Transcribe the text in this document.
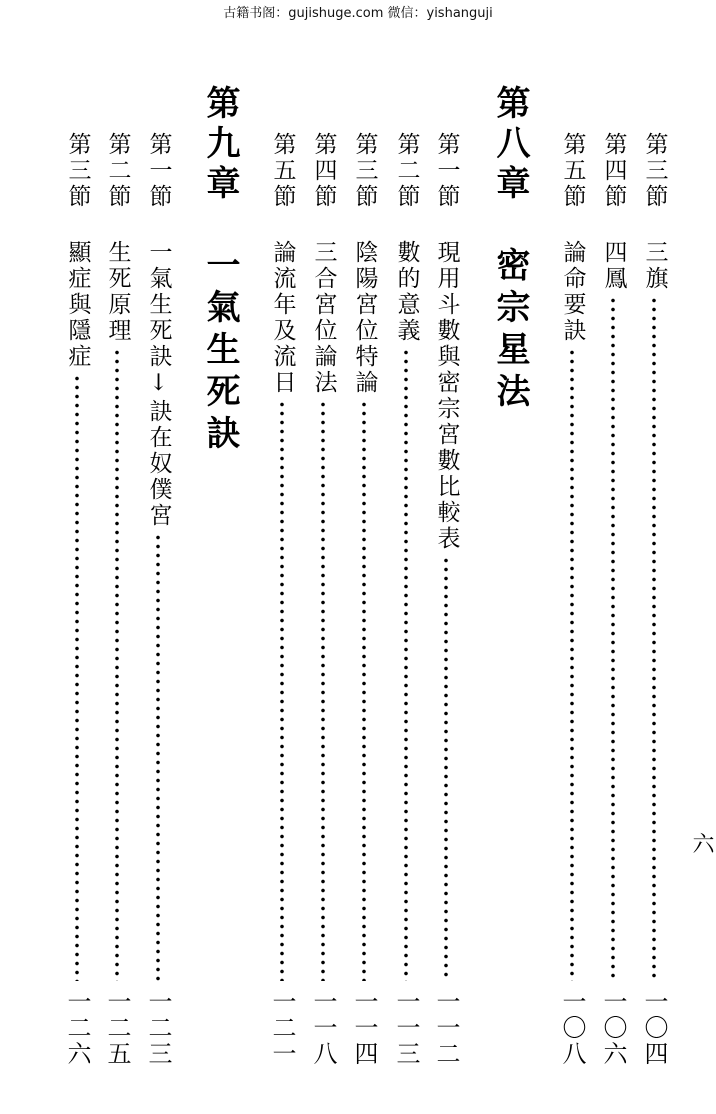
古籍书阁：gujishuge.com 微信：yishanguji
六
第三節
三旗
一〇四
第四節
四鳳
一〇六
第五節
論命要訣
一〇八
第八章
密宗星法
第一節
現用斗數與密宗宮數比較表
一一二
第二節
數的意義
一一三
第三節
陰陽宮位特論
一一四
第四節
三合宮位論法
一一八
第五節
論流年及流日
一二一
第九章
一氣生死訣
第一節
一氣生死訣↓訣在奴僕宮
一二三
第二節
生死原理
一二五
第三節
顯症與隱症
一二六
